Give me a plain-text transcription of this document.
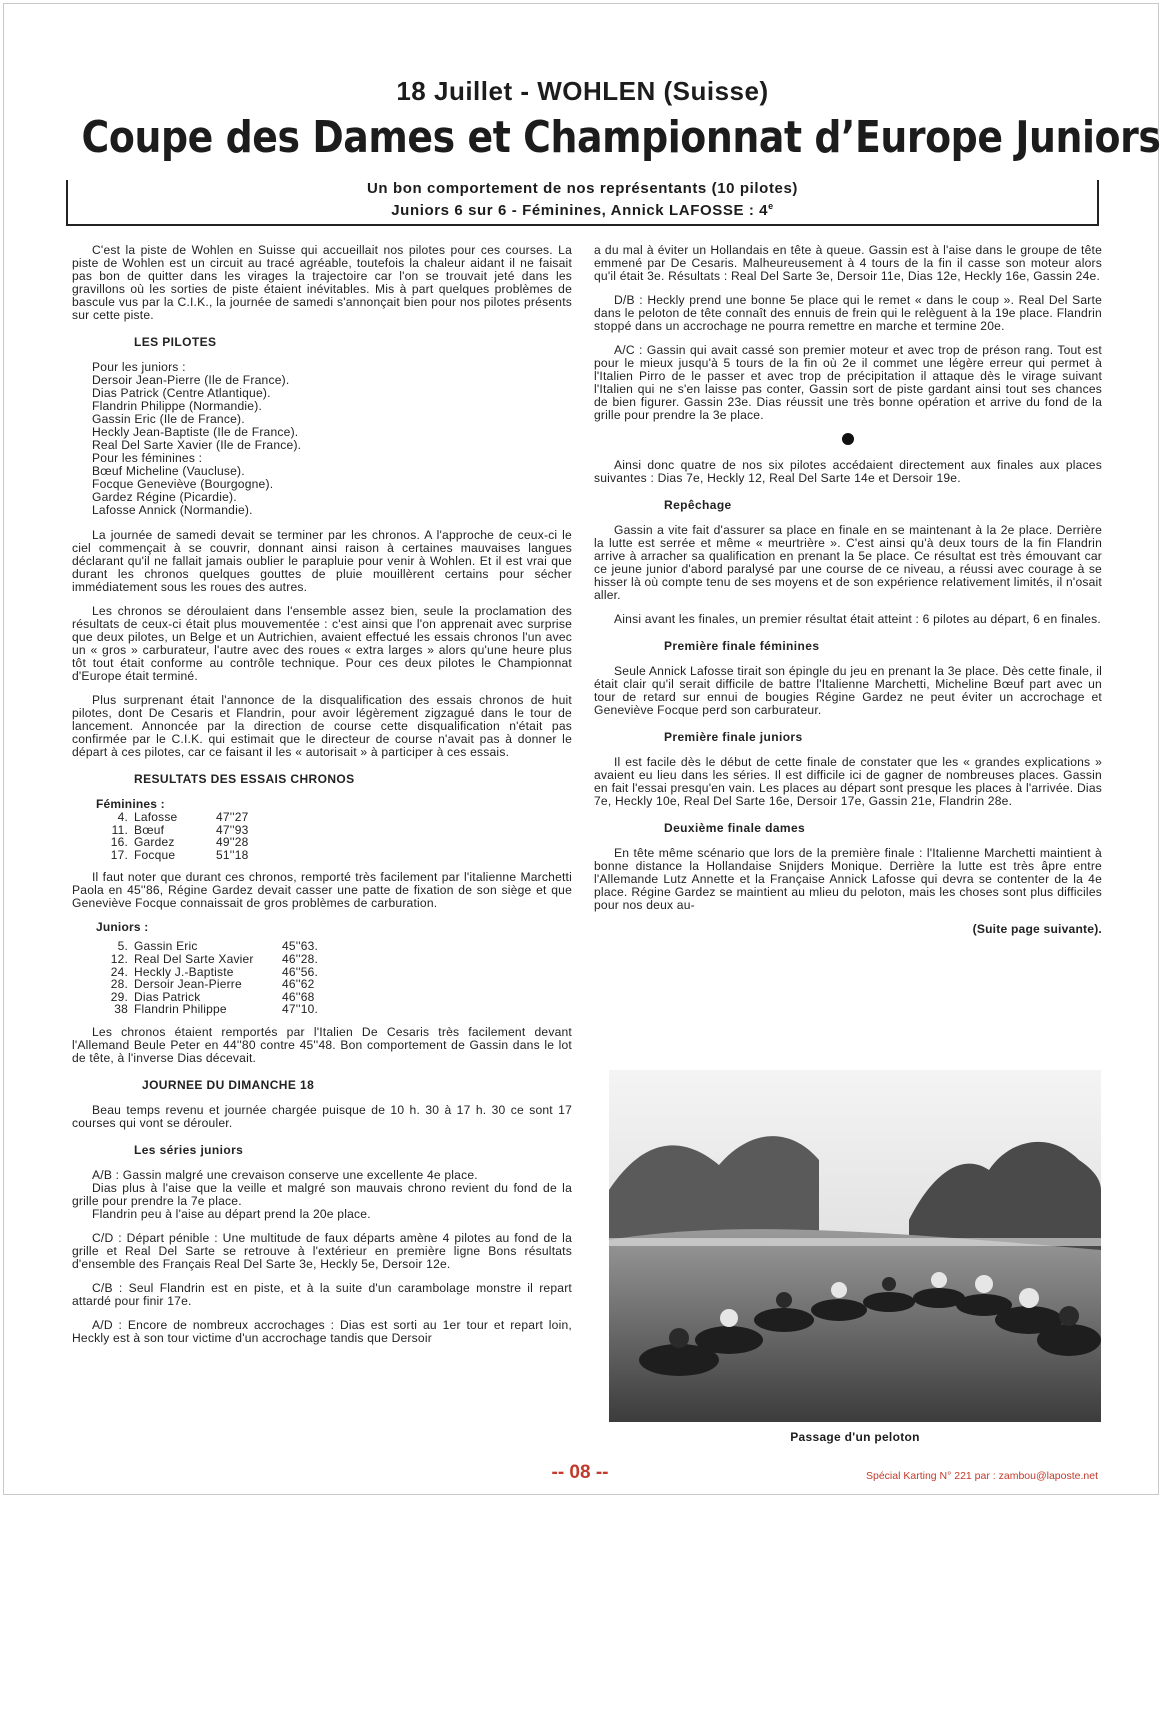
18 Juillet - WOHLEN (Suisse)
Coupe des Dames et Championnat d’Europe Juniors
Un bon comportement de nos représentants (10 pilotes)
Juniors 6 sur 6 - Féminines, Annick LAFOSSE : 4e

C'est la piste de Wohlen en Suisse qui accueillait nos pilotes pour ces courses. La piste de Wohlen est un circuit au tracé agréable, toutefois la chaleur aidant il ne faisait pas bon de quitter dans les virages la trajectoire car l'on se trouvait jeté dans les gravillons où les sorties de piste étaient inévitables. Mis à part quelques problèmes de bascule vus par la C.I.K., la journée de samedi s'annonçait bien pour nos pilotes présents sur cette piste.

LES PILOTES
Pour les juniors :
Dersoir Jean-Pierre (Ile de France).
Dias Patrick (Centre Atlantique).
Flandrin Philippe (Normandie).
Gassin Eric (Ile de France).
Heckly Jean-Baptiste (Ile de France).
Real Del Sarte Xavier (Ile de France).
Pour les féminines :
Bœuf Micheline (Vaucluse).
Focque Geneviève (Bourgogne).
Gardez Régine (Picardie).
Lafosse Annick (Normandie).

La journée de samedi devait se terminer par les chronos. A l'approche de ceux-ci le ciel commençait à se couvrir, donnant ainsi raison à certaines mauvaises langues déclarant qu'il ne fallait jamais oublier le parapluie pour venir à Wohlen. Et il est vrai que durant les chronos quelques gouttes de pluie mouillèrent certains pour sécher immédiatement sous les roues des autres.

Les chronos se déroulaient dans l'ensemble assez bien, seule la proclamation des résultats de ceux-ci était plus mouvementée : c'est ainsi que l'on apprenait avec surprise que deux pilotes, un Belge et un Autrichien, avaient effectué les essais chronos l'un avec un « gros » carburateur, l'autre avec des roues « extra larges » alors qu'une heure plus tôt tout était conforme au contrôle technique. Pour ces deux pilotes le Championnat d'Europe était terminé.

Plus surprenant était l'annonce de la disqualification des essais chronos de huit pilotes, dont De Cesaris et Flandrin, pour avoir légèrement zigzagué dans le tour de lancement. Annoncée par la direction de course cette disqualification n'était pas confirmée par le C.I.K. qui estimait que le directeur de course n'avait pas à donner le départ à ces pilotes, car ce faisant il les « autorisait » à participer à ces essais.

RESULTATS DES ESSAIS CHRONOS
Féminines :
4.	Lafosse	47''27
11.	Bœuf	47''93
16.	Gardez	49''28
17.	Focque	51''18

Il faut noter que durant ces chronos, remporté très facilement par l'italienne Marchetti Paola en 45''86, Régine Gardez devait casser une patte de fixation de son siège et que Geneviève Focque connaissait de gros problèmes de carburation.

Juniors :
5.	Gassin Eric	45''63.
12.	Real Del Sarte Xavier	46''28.
24.	Heckly J.-Baptiste	46''56.
28.	Dersoir Jean-Pierre	46''62
29.	Dias Patrick	46''68
38	Flandrin Philippe	47''10.

Les chronos étaient remportés par l'Italien De Cesaris très facilement devant l'Allemand Beule Peter en 44''80 contre 45''48. Bon comportement de Gassin dans le lot de tête, à l'inverse Dias décevait.

JOURNEE DU DIMANCHE 18

Beau temps revenu et journée chargée puisque de 10 h. 30 à 17 h. 30 ce sont 17 courses qui vont se dérouler.

Les séries juniors

A/B : Gassin malgré une crevaison conserve une excellente 4e place.

Dias plus à l'aise que la veille et malgré son mauvais chrono revient du fond de la grille pour prendre la 7e place.

Flandrin peu à l'aise au départ prend la 20e place.

C/D : Départ pénible : Une multitude de faux départs amène 4 pilotes au fond de la grille et Real Del Sarte se retrouve à l'extérieur en première ligne Bons résultats d'ensemble des Français Real Del Sarte 3e, Heckly 5e, Dersoir 12e.

C/B : Seul Flandrin est en piste, et à la suite d'un carambolage monstre il repart attardé pour finir 17e.

A/D : Encore de nombreux accrochages : Dias est sorti au 1er tour et repart loin, Heckly est à son tour victime d'un accrochage tandis que Dersoir

a du mal à éviter un Hollandais en tête à queue. Gassin est à l'aise dans le groupe de tête emmené par De Cesaris. Malheureusement à 4 tours de la fin il casse son moteur alors qu'il était 3e. Résultats : Real Del Sarte 3e, Dersoir 11e, Dias 12e, Heckly 16e, Gassin 24e.

D/B : Heckly prend une bonne 5e place qui le remet « dans le coup ». Real Del Sarte dans le peloton de tête connaît des ennuis de frein qui le relèguent à la 19e place. Flandrin stoppé dans un accrochage ne pourra remettre en marche et termine 20e.

A/C : Gassin qui avait cassé son premier moteur et avec trop de préson rang. Tout est pour le mieux jusqu'à 5 tours de la fin où 2e il commet une légère erreur qui permet à l'Italien Pirro de le passer et avec trop de précipitation il attaque dès le virage suivant l'Italien qui ne s'en laisse pas conter, Gassin sort de piste gardant ainsi tout ses chances de bien figurer. Gassin 23e. Dias réussit une très bonne opération et arrive du fond de la grille pour prendre la 3e place.

Ainsi donc quatre de nos six pilotes accédaient directement aux finales aux places suivantes : Dias 7e, Heckly 12, Real Del Sarte 14e et Dersoir 19e.

Repêchage

Gassin a vite fait d'assurer sa place en finale en se maintenant à la 2e place. Derrière la lutte est serrée et même « meurtrière ». C'est ainsi qu'à deux tours de la fin Flandrin arrive à arracher sa qualification en prenant la 5e place. Ce résultat est très émouvant car ce jeune junior d'abord paralysé par une course de ce niveau, a réussi avec courage à se hisser là où compte tenu de ses moyens et de son expérience relativement limités, il n'osait aller.

Ainsi avant les finales, un premier résultat était atteint : 6 pilotes au départ, 6 en finales.

Première finale féminines

Seule Annick Lafosse tirait son épingle du jeu en prenant la 3e place. Dès cette finale, il était clair qu'il serait difficile de battre l'Italienne Marchetti, Micheline Bœuf part avec un tour de retard sur ennui de bougies Régine Gardez ne peut éviter un accrochage et Geneviève Focque perd son carburateur.

Première finale juniors

Il est facile dès le début de cette finale de constater que les « grandes explications » avaient eu lieu dans les séries. Il est difficile ici de gagner de nombreuses places. Gassin en fait l'essai presqu'en vain. Les places au départ sont presque les places à l'arrivée. Dias 7e, Heckly 10e, Real Del Sarte 16e, Dersoir 17e, Gassin 21e, Flandrin 28e.

Deuxième finale dames

En tête même scénario que lors de la première finale : l'Italienne Marchetti maintient à bonne distance la Hollandaise Snijders Monique. Derrière la lutte est très âpre entre l'Allemande Lutz Annette et la Française Annick Lafosse qui devra se contenter de la 4e place. Régine Gardez se maintient au mlieu du peloton, mais les choses sont plus difficiles pour nos deux au-

(Suite page suivante).
Passage d'un peloton
-- 08 --	Spécial Karting N° 221 par : zambou@laposte.net
